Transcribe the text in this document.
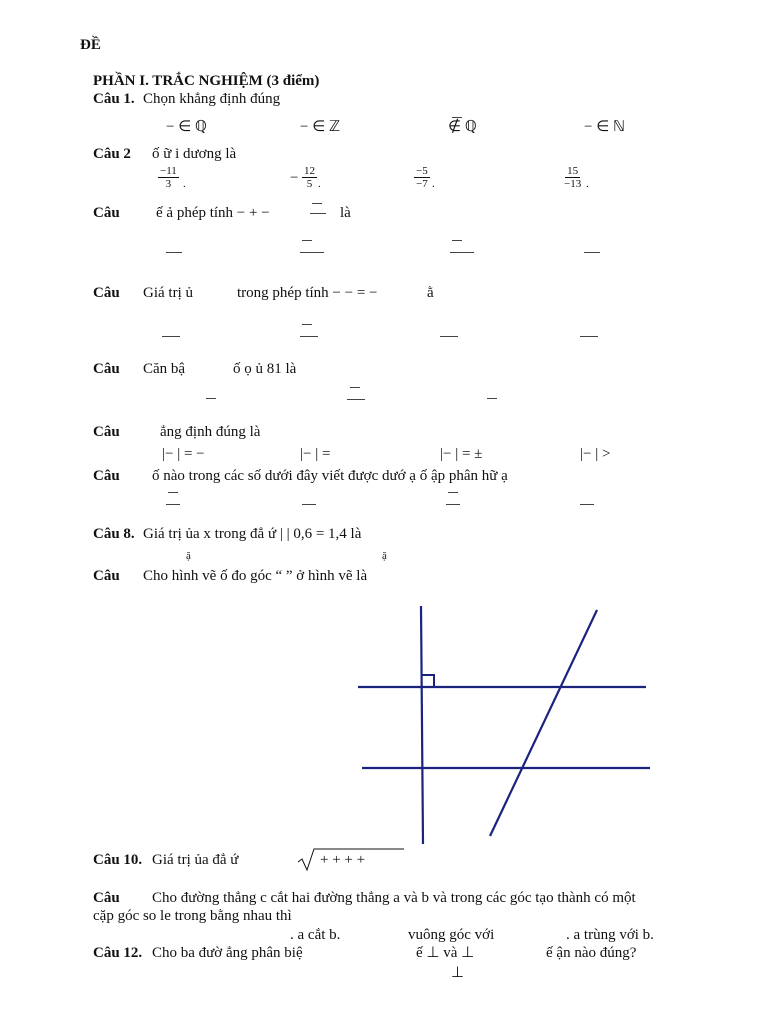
ĐỀ
PHẦN I. TRẮC NGHIỆM (3 điểm)
Câu 1. Chọn khẳng định đúng
− ∈ ℚ	− ∈ ℤ	∉ ℚ	− ∈ ℕ
Câu 2 ố ữ i dương là
$\frac{-11}{3}$ .	− $\frac{12}{5}$ .	$\frac{-5}{-7}$ .	$\frac{15}{-13}$ .
Câu ế ả phép tính − + −	là
Câu Giá trị ủ	trong phép tính − − = −	ằ
Câu Căn bậ	ố ọ ủ 81 là
Câu	ẳng định đúng là
|− | = −	|− | =	|− | = ±	|− | >
Câu ố nào trong các số dưới đây viết được dướ ạ ố ập phân hữ ạ
Câu 8. Giá trị ủa x trong đẳ ứ | | 0,6 = 1,4 là
ặ	ặ
Câu Cho hình vẽ ố đo góc “ ” ở hình vẽ là
Câu 10. Giá trị ủa đẳ ứ	+ + + +
Câu Cho đường thẳng c cắt hai đường thẳng a và b và trong các góc tạo thành có một
cặp góc so le trong bằng nhau thì
. a cắt b.	vuông góc với	. a trùng với b.
Câu 12. Cho ba đườ ẳng phân biệ	ế ⊥ và ⊥	ế ận nào đúng?
⊥
